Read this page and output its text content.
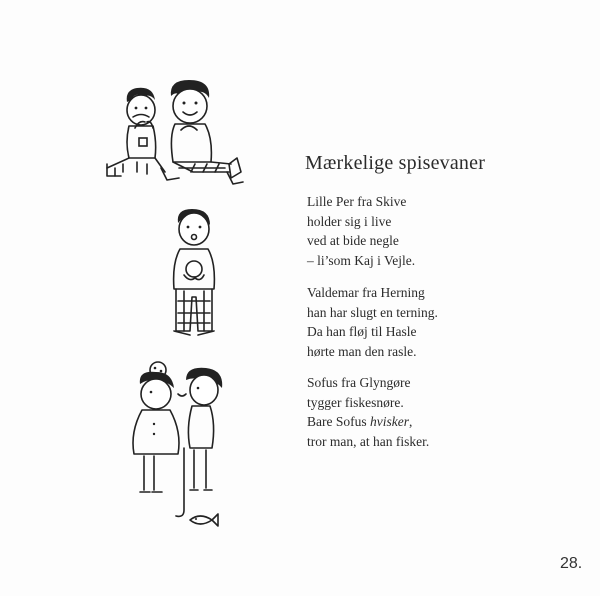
Mærkelige spisevaner
Lille Per fra Skive
holder sig i live
ved at bide negle
– li’som Kaj i Vejle.
Valdemar fra Herning
han har slugt en terning.
Da han fløj til Hasle
hørte man den rasle.
Sofus fra Glyngøre
tygger fiskesnøre.
Bare Sofus hvisker,
tror man, at han fisker.
28.
